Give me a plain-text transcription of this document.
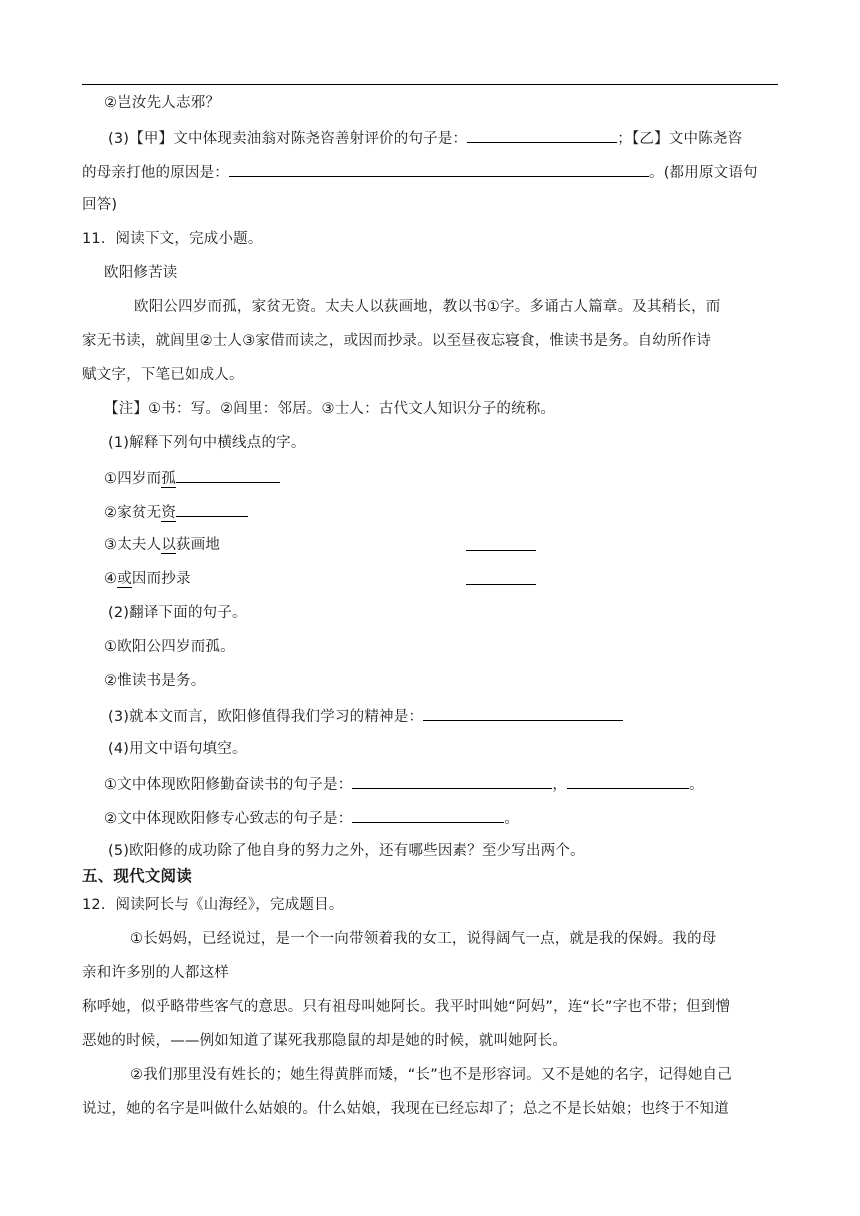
②岂汝先人志邪？
(3)【甲】文中体现卖油翁对陈尧咨善射评价的句子是：	；【乙】文中陈尧咨
的母亲打他的原因是：	。(都用原文语句
回答)
11．阅读下文，完成小题。
欧阳修苦读
欧阳公四岁而孤，家贫无资。太夫人以荻画地，教以书①字。多诵古人篇章。及其稍长，而
家无书读，就闾里②士人③家借而读之，或因而抄录。以至昼夜忘寝食，惟读书是务。自幼所作诗
赋文字，下笔已如成人。
【注】①书：写。②闾里：邻居。③士人：古代文人知识分子的统称。
(1)解释下列句中横线点的字。
①四岁而孤
②家贫无资
③太夫人以荻画地
④或因而抄录
(2)翻译下面的句子。
①欧阳公四岁而孤。
②惟读书是务。
(3)就本文而言，欧阳修值得我们学习的精神是：
(4)用文中语句填空。
①文中体现欧阳修勤奋读书的句子是：	，	。
②文中体现欧阳修专心致志的句子是：	。
(5)欧阳修的成功除了他自身的努力之外，还有哪些因素？至少写出两个。
五、现代文阅读
12．阅读阿长与《山海经》，完成题目。
①长妈妈，已经说过，是一个一向带领着我的女工，说得阔气一点，就是我的保姆。我的母
亲和许多别的人都这样
称呼她，似乎略带些客气的意思。只有祖母叫她阿长。我平时叫她“阿妈”，连“长”字也不带；但到憎
恶她的时候，——例如知道了谋死我那隐鼠的却是她的时候，就叫她阿长。
②我们那里没有姓长的；她生得黄胖而矮，“长”也不是形容词。又不是她的名字，记得她自己
说过，她的名字是叫做什么姑娘的。什么姑娘，我现在已经忘却了；总之不是长姑娘；也终于不知道
